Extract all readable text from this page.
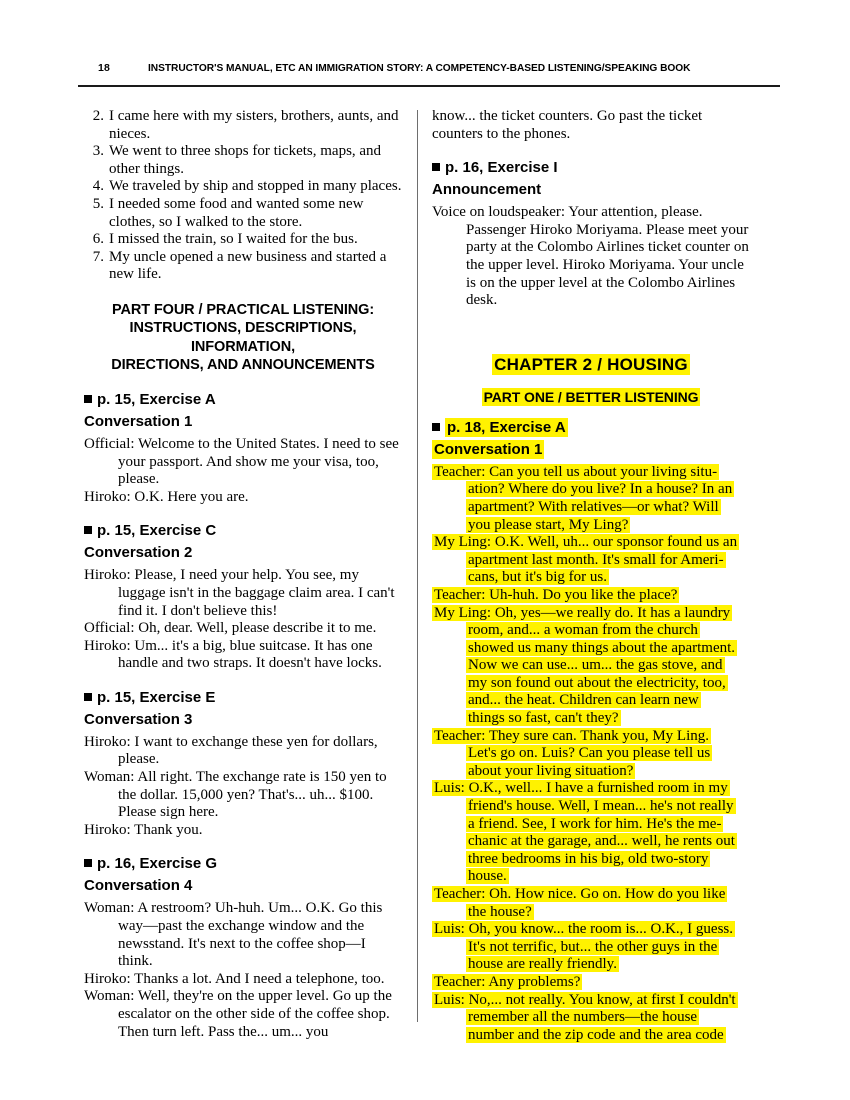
18	INSTRUCTOR'S MANUAL, ETC AN IMMIGRATION STORY: A COMPETENCY-BASED LISTENING/SPEAKING BOOK

2. I came here with my sisters, brothers, aunts, and nieces.

3. We went to three shops for tickets, maps, and other things.

4. We traveled by ship and stopped in many places.

5. I needed some food and wanted some new clothes, so I walked to the store.

6. I missed the train, so I waited for the bus.

7. My uncle opened a new business and started a new life.

PART FOUR / PRACTICAL LISTENING:
INSTRUCTIONS, DESCRIPTIONS, INFORMATION,
DIRECTIONS, AND ANNOUNCEMENTS
p. 15, Exercise A
Conversation 1

Official: Welcome to the United States. I need to see your passport. And show me your visa, too, please.

Hiroko: O.K. Here you are.

p. 15, Exercise C
Conversation 2

Hiroko: Please, I need your help. You see, my luggage isn't in the baggage claim area. I can't find it. I don't believe this!

Official: Oh, dear. Well, please describe it to me.

Hiroko: Um... it's a big, blue suitcase. It has one handle and two straps. It doesn't have locks.

p. 15, Exercise E
Conversation 3

Hiroko: I want to exchange these yen for dollars, please.

Woman: All right. The exchange rate is 150 yen to the dollar. 15,000 yen? That's... uh... $100. Please sign here.

Hiroko: Thank you.

p. 16, Exercise G
Conversation 4

Woman: A restroom? Uh-huh. Um... O.K. Go this way—past the exchange window and the newsstand. It's next to the coffee shop—I think.

Hiroko: Thanks a lot. And I need a telephone, too.

Woman: Well, they're on the upper level. Go up the escalator on the other side of the coffee shop. Then turn left. Pass the... um... you

know... the ticket counters. Go past the ticket counters to the phones.

p. 16, Exercise I
Announcement

Voice on loudspeaker: Your attention, please. Passenger Hiroko Moriyama. Please meet your party at the Colombo Airlines ticket counter on the upper level. Hiroko Moriyama. Your uncle is on the upper level at the Colombo Airlines desk.

CHAPTER 2 / HOUSING
PART ONE / BETTER LISTENING
p. 18, Exercise A
Conversation 1

Teacher: Can you tell us about your living situ-
ation? Where do you live? In a house? In an
apartment? With relatives—or what? Will
you please start, My Ling?

My Ling: O.K. Well, uh... our sponsor found us an
apartment last month. It's small for Ameri-
cans, but it's big for us.

Teacher: Uh-huh. Do you like the place?

My Ling: Oh, yes—we really do. It has a laundry
room, and... a woman from the church
showed us many things about the apartment.
Now we can use... um... the gas stove, and
my son found out about the electricity, too,
and... the heat. Children can learn new
things so fast, can't they?

Teacher: They sure can. Thank you, My Ling.
Let's go on. Luis? Can you please tell us
about your living situation?

Luis: O.K., well... I have a furnished room in my
friend's house. Well, I mean... he's not really
a friend. See, I work for him. He's the me-
chanic at the garage, and... well, he rents out
three bedrooms in his big, old two-story
house.

Teacher: Oh. How nice. Go on. How do you like
the house?

Luis: Oh, you know... the room is... O.K., I guess.
It's not terrific, but... the other guys in the
house are really friendly.

Teacher: Any problems?

Luis: No,... not really. You know, at first I couldn't
remember all the numbers—the house
number and the zip code and the area code
